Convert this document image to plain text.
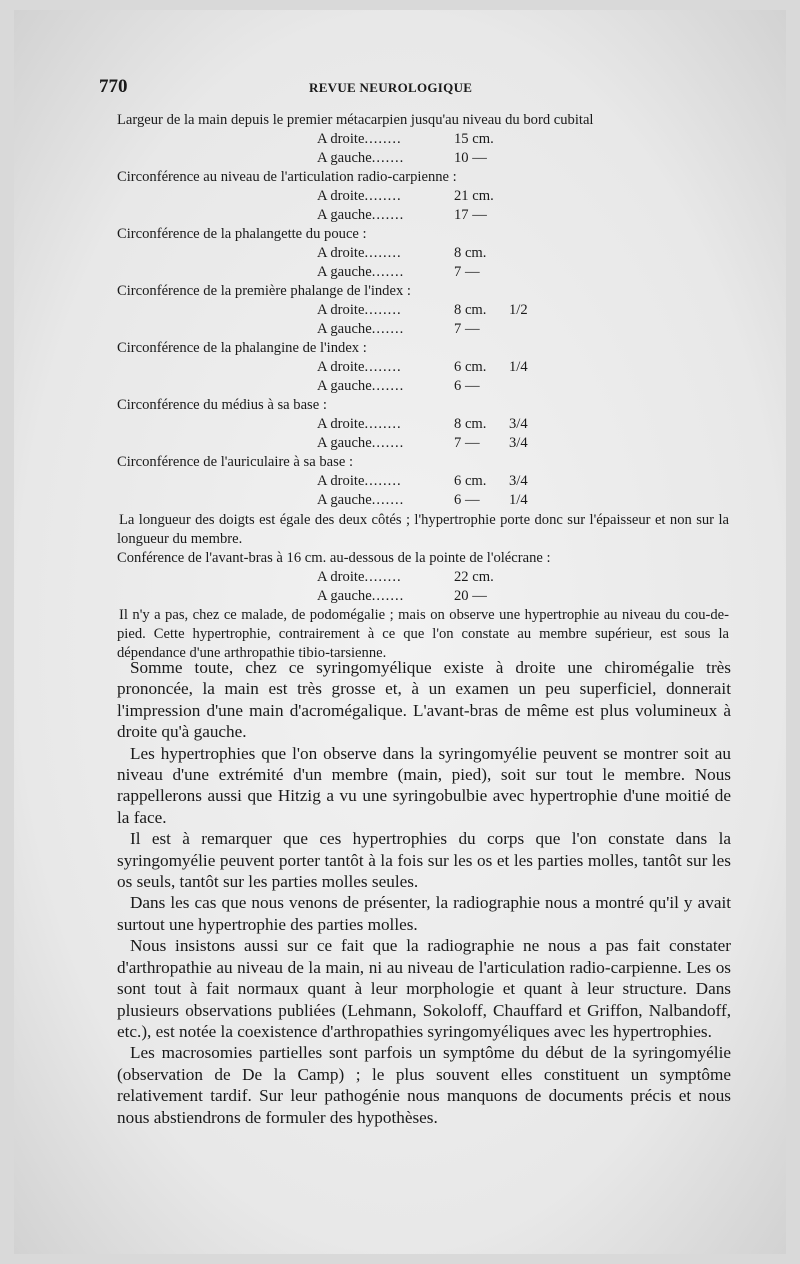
770	REVUE NEUROLOGIQUE
Largeur de la main depuis le premier métacarpien jusqu'au niveau du bord cubital
A droite........	15 cm.
A gauche.......	10 —
Circonférence au niveau de l'articulation radio-carpienne :
A droite........	21 cm.
A gauche.......	17 —
Circonférence de la phalangette du pouce :
A droite........	8 cm.
A gauche.......	7 —
Circonférence de la première phalange de l'index :
A droite........	8 cm. 1/2
A gauche.......	7 —
Circonférence de la phalangine de l'index :
A droite........	6 cm. 1/4
A gauche.......	6 —
Circonférence du médius à sa base :
A droite........	8 cm. 3/4
A gauche.......	7 — 3/4
Circonférence de l'auriculaire à sa base :
A droite........	6 cm. 3/4
A gauche.......	6 — 1/4
La longueur des doigts est égale des deux côtés ; l'hypertrophie porte donc sur l'épaisseur et non sur la longueur du membre.
Conférence de l'avant-bras à 16 cm. au-dessous de la pointe de l'olécrane :
A droite........	22 cm.
A gauche.......	20 —
Il n'y a pas, chez ce malade, de podomégalie ; mais on observe une hypertrophie au niveau du cou-de-pied. Cette hypertrophie, contrairement à ce que l'on constate au membre supérieur, est sous la dépendance d'une arthropathie tibio-tarsienne.

Somme toute, chez ce syringomyélique existe à droite une chiromégalie très prononcée, la main est très grosse et, à un examen un peu superficiel, donnerait l'impression d'une main d'acromégalique. L'avant-bras de même est plus volumineux à droite qu'à gauche.

Les hypertrophies que l'on observe dans la syringomyélie peuvent se montrer soit au niveau d'une extrémité d'un membre (main, pied), soit sur tout le membre. Nous rappellerons aussi que Hitzig a vu une syringobulbie avec hypertrophie d'une moitié de la face.

Il est à remarquer que ces hypertrophies du corps que l'on constate dans la syringomyélie peuvent porter tantôt à la fois sur les os et les parties molles, tantôt sur les os seuls, tantôt sur les parties molles seules.

Dans les cas que nous venons de présenter, la radiographie nous a montré qu'il y avait surtout une hypertrophie des parties molles.

Nous insistons aussi sur ce fait que la radiographie ne nous a pas fait constater d'arthropathie au niveau de la main, ni au niveau de l'articulation radio-carpienne. Les os sont tout à fait normaux quant à leur morphologie et quant à leur structure. Dans plusieurs observations publiées (Lehmann, Sokoloff, Chauffard et Griffon, Nalbandoff, etc.), est notée la coexistence d'arthropathies syringomyéliques avec les hypertrophies.

Les macrosomies partielles sont parfois un symptôme du début de la syringomyélie (observation de De la Camp) ; le plus souvent elles constituent un symptôme relativement tardif. Sur leur pathogénie nous manquons de documents précis et nous nous abstiendrons de formuler des hypothèses.
